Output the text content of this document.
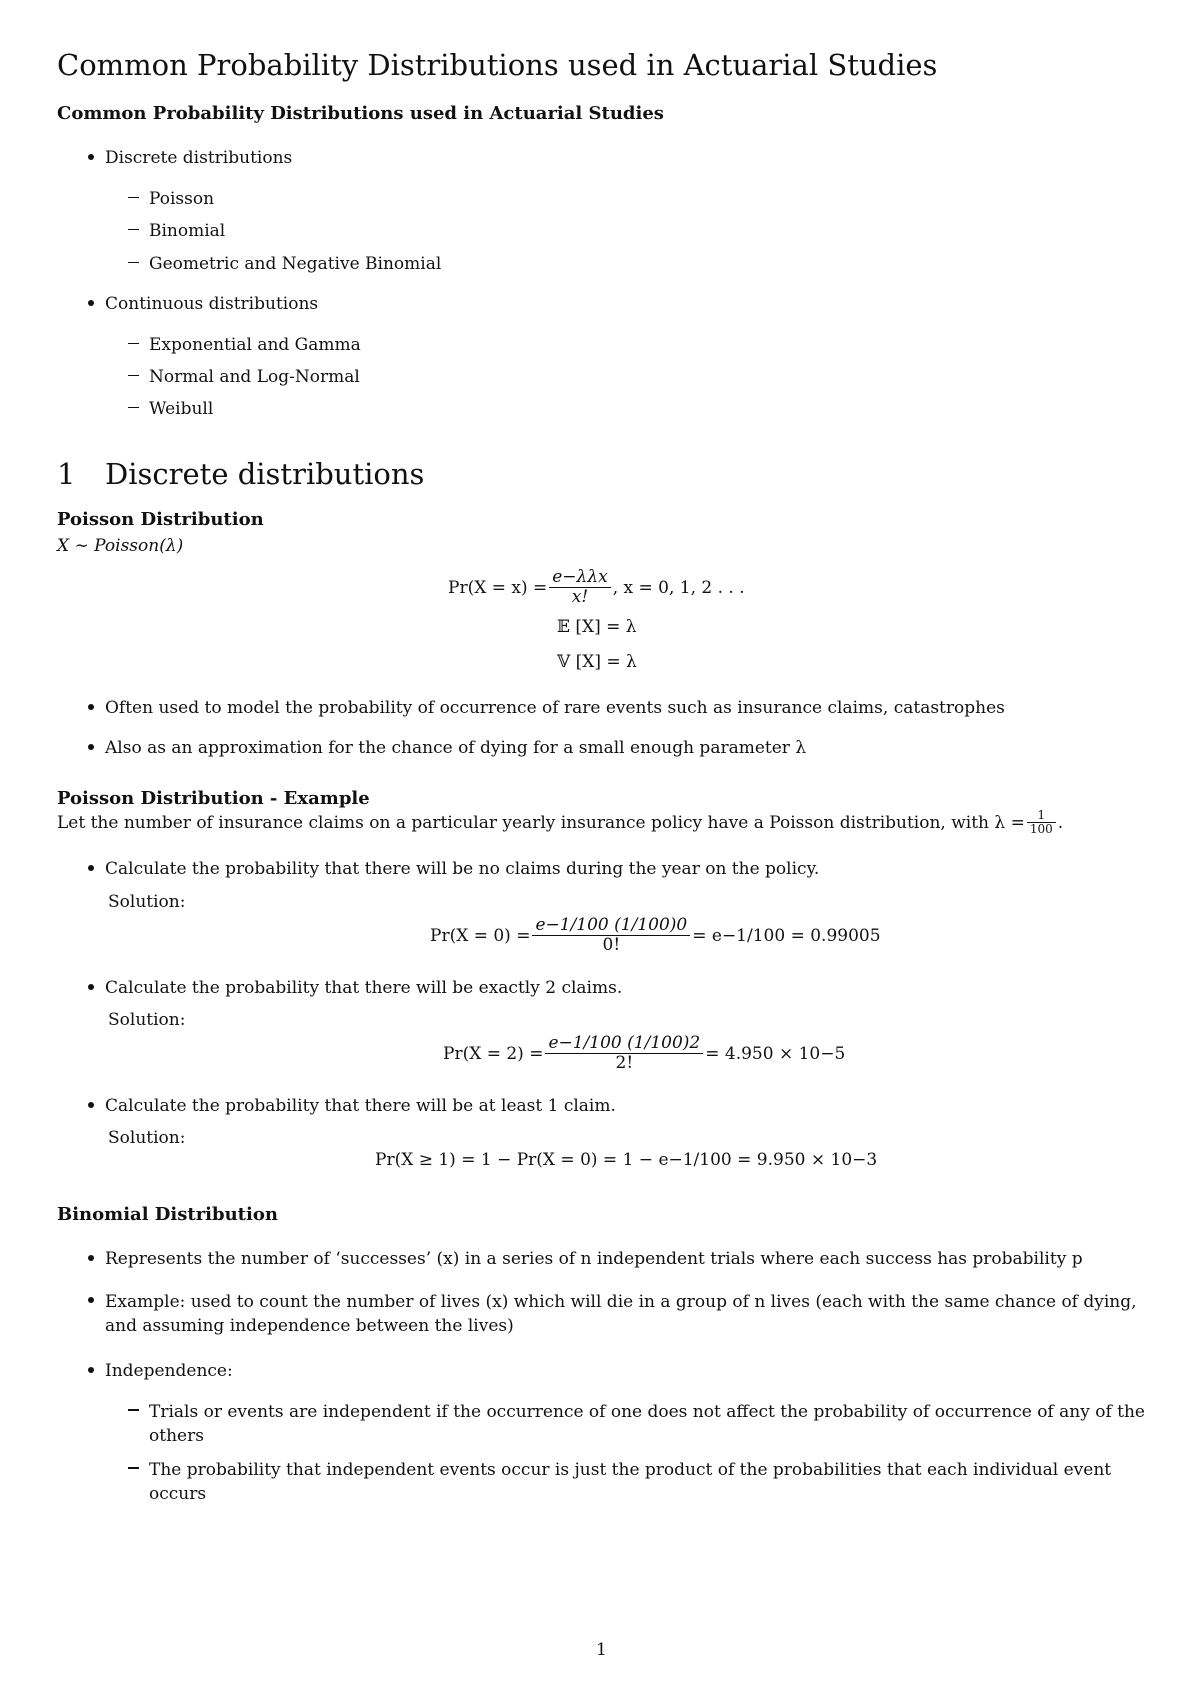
Common Probability Distributions used in Actuarial Studies
Common Probability Distributions used in Actuarial Studies
Discrete distributions
Poisson
Binomial
Geometric and Negative Binomial
Continuous distributions
Exponential and Gamma
Normal and Log-Normal
Weibull
1 Discrete distributions
Poisson Distribution
X ∼ Poisson(λ)
$Pr(X = x) = \frac{\text{e−λλx}}{x!}$ , x = 0, 1, 2 . . .
𝔼 [X] = λ
𝕍 [X] = λ
Often used to model the probability of occurrence of rare events such as insurance claims, catastrophes
Also as an approximation for the chance of dying for a small enough parameter λ
Poisson Distribution - Example
Let the number of insurance claims on a particular yearly insurance policy have a Poisson distribution, with $\lambda = \frac{1}{100}$ .
Calculate the probability that there will be no claims during the year on the policy.
Solution:
$Pr(X = 0) = \frac{e-1/100 (1/100)0}{0!} = e-1/100 = 0.99005$
Calculate the probability that there will be exactly 2 claims.
Solution:
$Pr(X = 2) = \frac{e-1/100 (1/100)2}{2!} = 4.950 \times 10-5$
Calculate the probability that there will be at least 1 claim.
Solution:
Pr(X ≥ 1) = 1 − Pr(X = 0) = 1 − e−1/100 = 9.950 × 10−3
Binomial Distribution
Represents the number of ‘successes’ (x) in a series of n independent trials where each success has probability p
Example: used to count the number of lives (x) which will die in a group of n lives (each with the same chance of dying, and assuming independence between the lives)
Independence:
Trials or events are independent if the occurrence of one does not affect the probability of occurrence of any of the others
The probability that independent events occur is just the product of the probabilities that each individual event occurs
1
